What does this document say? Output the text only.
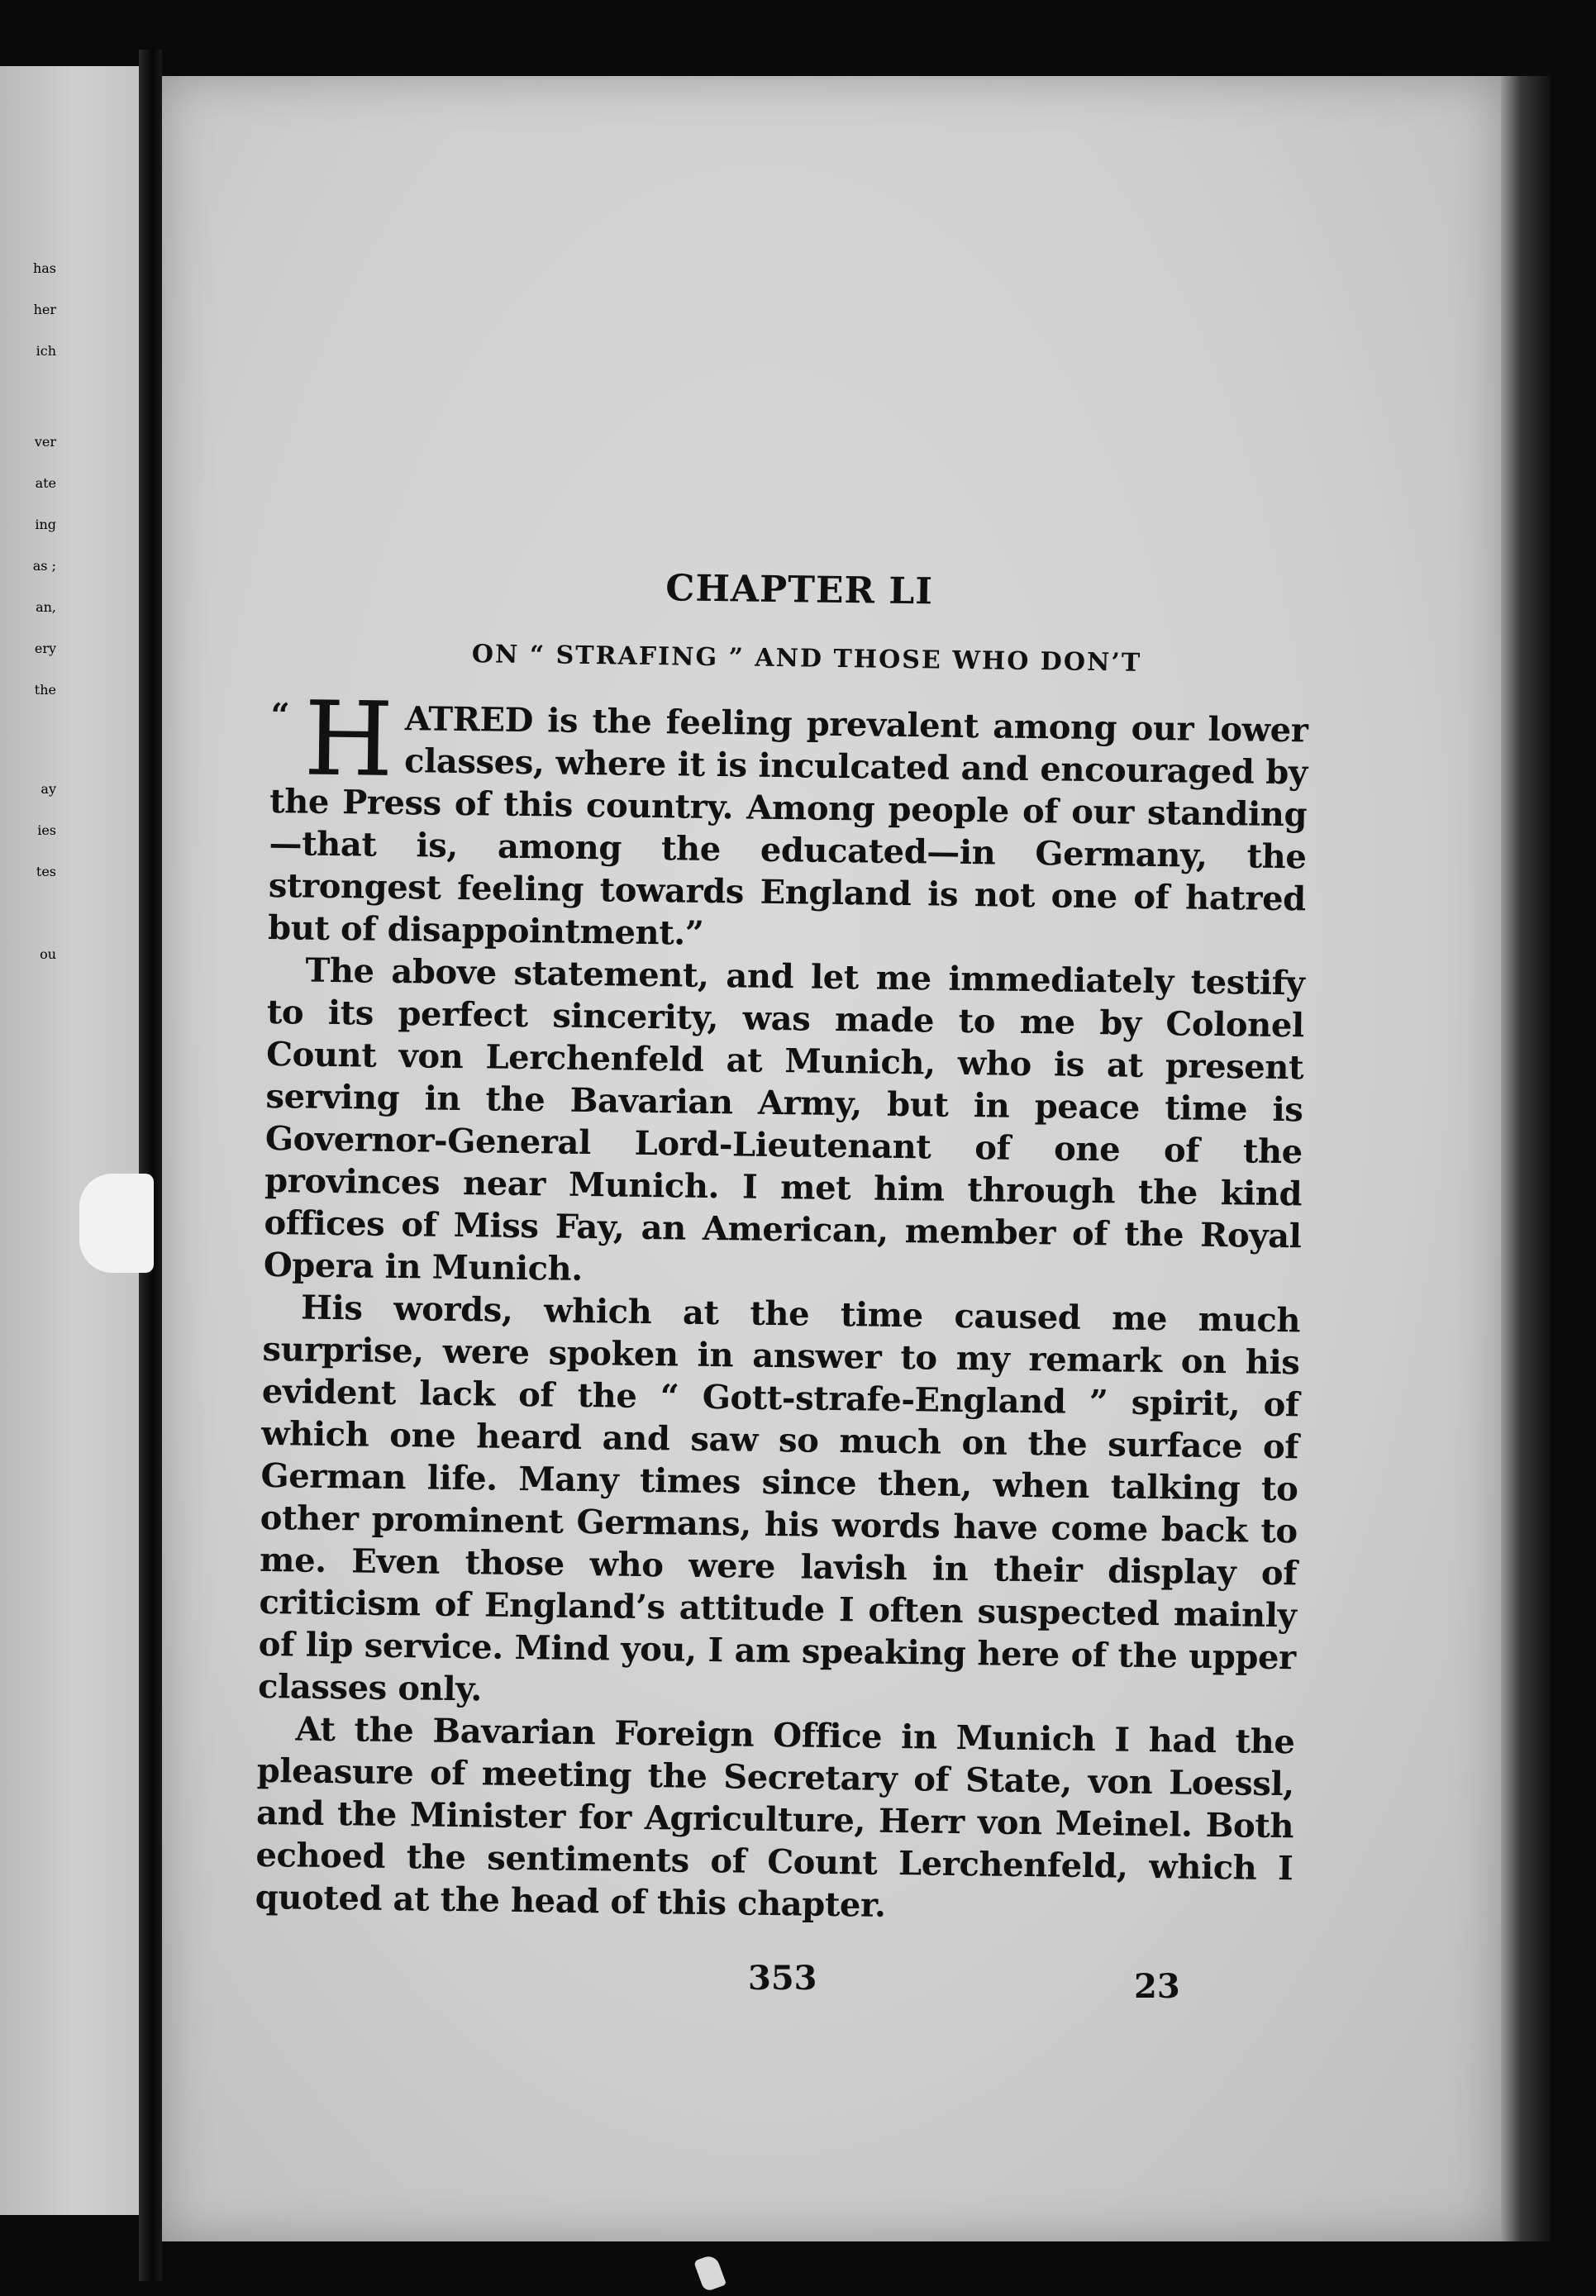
has
her
ich
ver
ate
ing
as ;
an,
ery
the
ay
ies
tes
ou
CHAPTER LI
ON “ STRAFING ” AND THOSE WHO DON’T

“ H ATRED is the feeling prevalent among our lower classes, where it is inculcated and encouraged by the Press of this country. Among people of our standing—that is, among the educated—in Germany, the strongest feeling towards England is not one of hatred but of disappointment.”

The above statement, and let me immediately testify to its perfect sincerity, was made to me by Colonel Count von Lerchenfeld at Munich, who is at present serving in the Bavarian Army, but in peace time is Governor-General Lord-Lieutenant of one of the provinces near Munich. I met him through the kind offices of Miss Fay, an American, member of the Royal Opera in Munich.

His words, which at the time caused me much surprise, were spoken in answer to my remark on his evident lack of the “ Gott-strafe-England ” spirit, of which one heard and saw so much on the surface of German life. Many times since then, when talking to other prominent Germans, his words have come back to me. Even those who were lavish in their display of criticism of England’s attitude I often suspected mainly of lip service. Mind you, I am speaking here of the upper classes only.

At the Bavarian Foreign Office in Munich I had the pleasure of meeting the Secretary of State, von Loessl, and the Minister for Agriculture, Herr von Meinel. Both echoed the sentiments of Count Lerchenfeld, which I quoted at the head of this chapter.

353	23
